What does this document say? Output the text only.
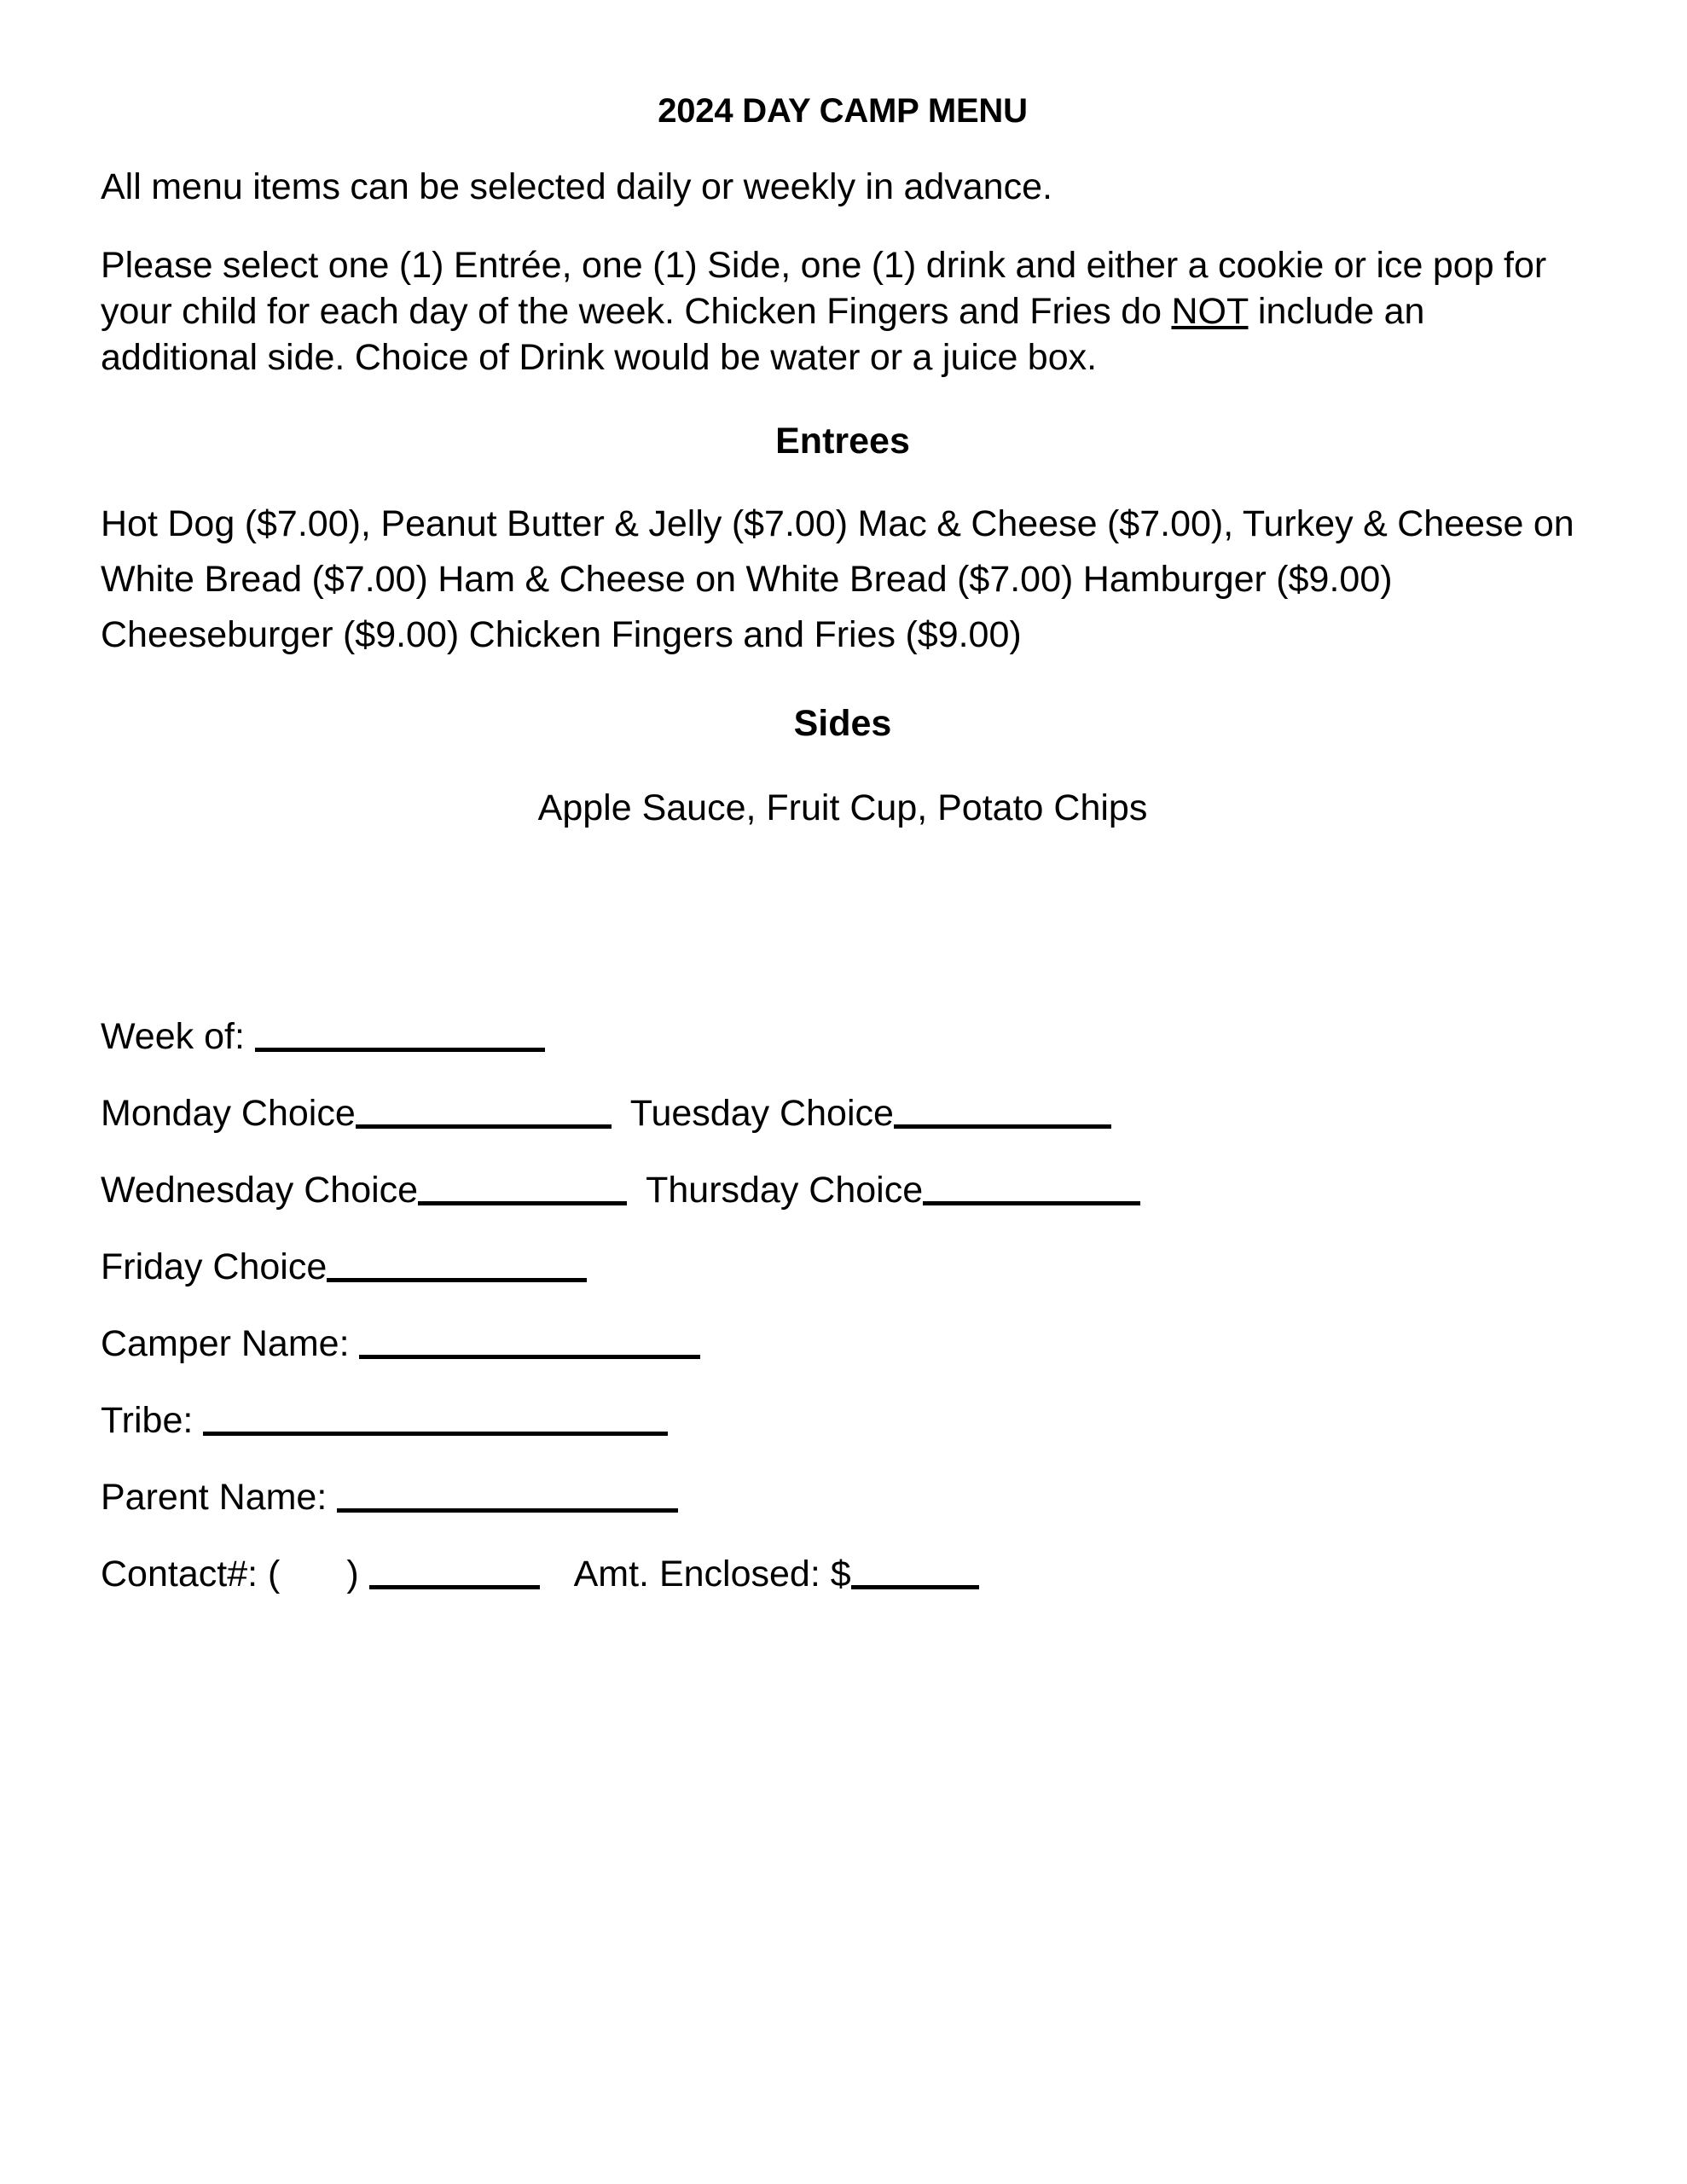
2024 DAY CAMP MENU

All menu items can be selected daily or weekly in advance.

Please select one (1) Entrée, one (1) Side, one (1) drink and either a cookie or ice pop for your child for each day of the week. Chicken Fingers and Fries do NOT include an additional side. Choice of Drink would be water or a juice box.

Entrees

Hot Dog ($7.00), Peanut Butter & Jelly ($7.00) Mac & Cheese ($7.00), Turkey & Cheese on White Bread ($7.00) Ham & Cheese on White Bread ($7.00) Hamburger ($9.00) Cheeseburger ($9.00) Chicken Fingers and Fries ($9.00)

Sides

Apple Sauce, Fruit Cup, Potato Chips

Week of:

Monday Choice	Tuesday Choice

Wednesday Choice	Thursday Choice

Friday Choice

Camper Name:

Tribe:

Parent Name:

Contact#: ( )	Amt. Enclosed: $
